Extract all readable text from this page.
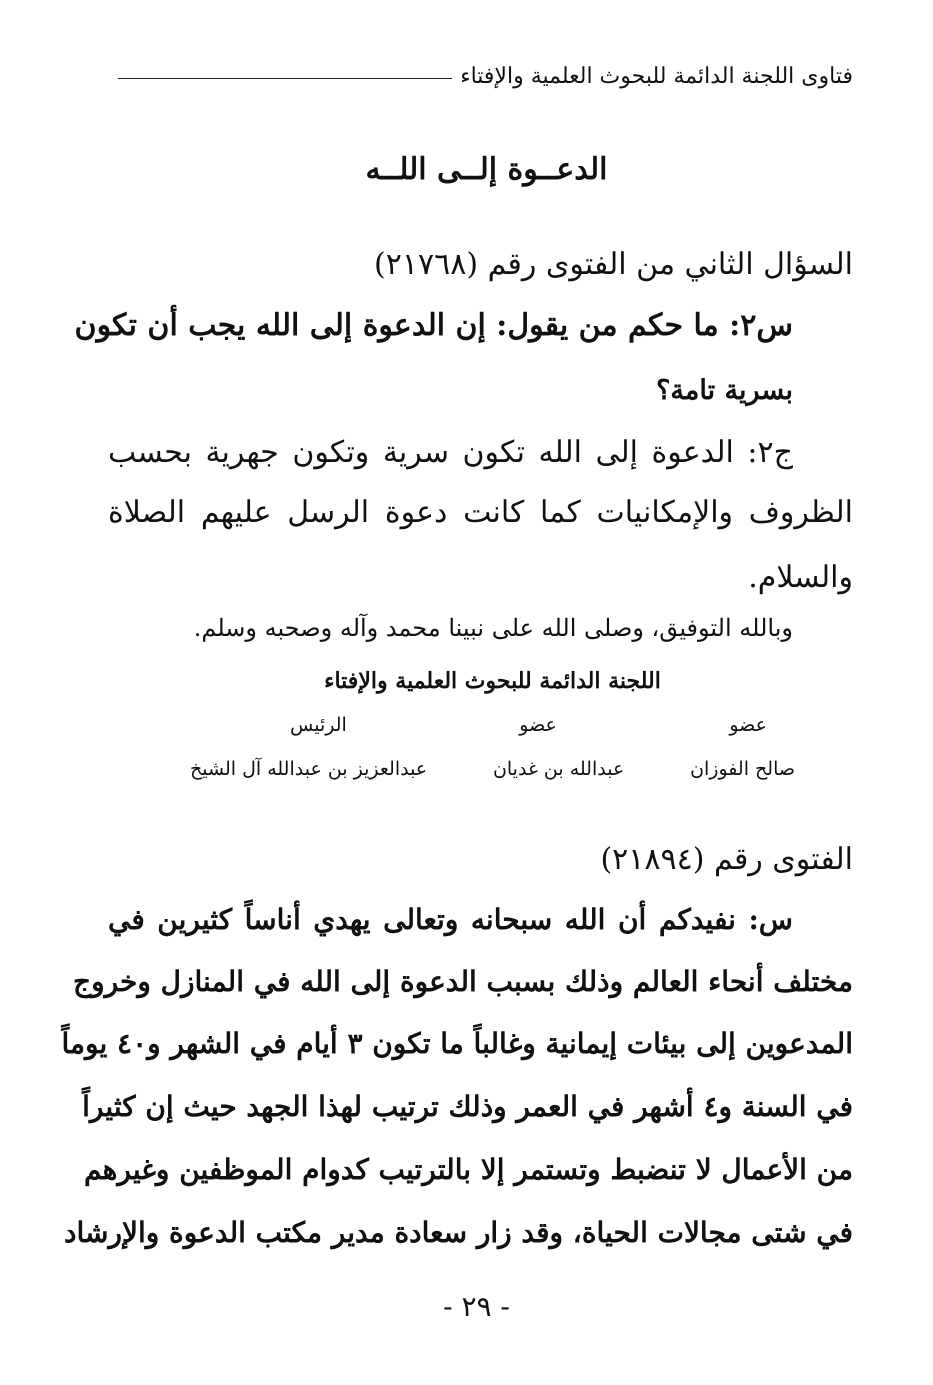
فتاوى اللجنة الدائمة للبحوث العلمية والإفتاء
الدعــوة إلــى اللــه
السؤال الثاني من الفتوى رقم (٢١٧٦٨)
س٢: ما حكم من يقول: إن الدعوة إلى الله يجب أن تكون
بسرية تامة؟
ج٢: الدعوة إلى الله تكون سرية وتكون جهرية بحسب
الظروف والإمكانيات كما كانت دعوة الرسل عليهم الصلاة
والسلام.
وبالله التوفيق، وصلى الله على نبينا محمد وآله وصحبه وسلم.
اللجنة الدائمة للبحوث العلمية والإفتاء
عضو
عضو
الرئيس
صالح الفوزان
عبدالله بن غديان
عبدالعزيز بن عبدالله آل الشيخ
الفتوى رقم (٢١٨٩٤)
س: نفيدكم أن الله سبحانه وتعالى يهدي أناساً كثيرين في
مختلف أنحاء العالم وذلك بسبب الدعوة إلى الله في المنازل وخروج
المدعوين إلى بيئات إيمانية وغالباً ما تكون ٣ أيام في الشهر و٤٠ يوماً
في السنة و٤ أشهر في العمر وذلك ترتيب لهذا الجهد حيث إن كثيراً
من الأعمال لا تنضبط وتستمر إلا بالترتيب كدوام الموظفين وغيرهم
في شتى مجالات الحياة، وقد زار سعادة مدير مكتب الدعوة والإرشاد
- ٢٩ -
